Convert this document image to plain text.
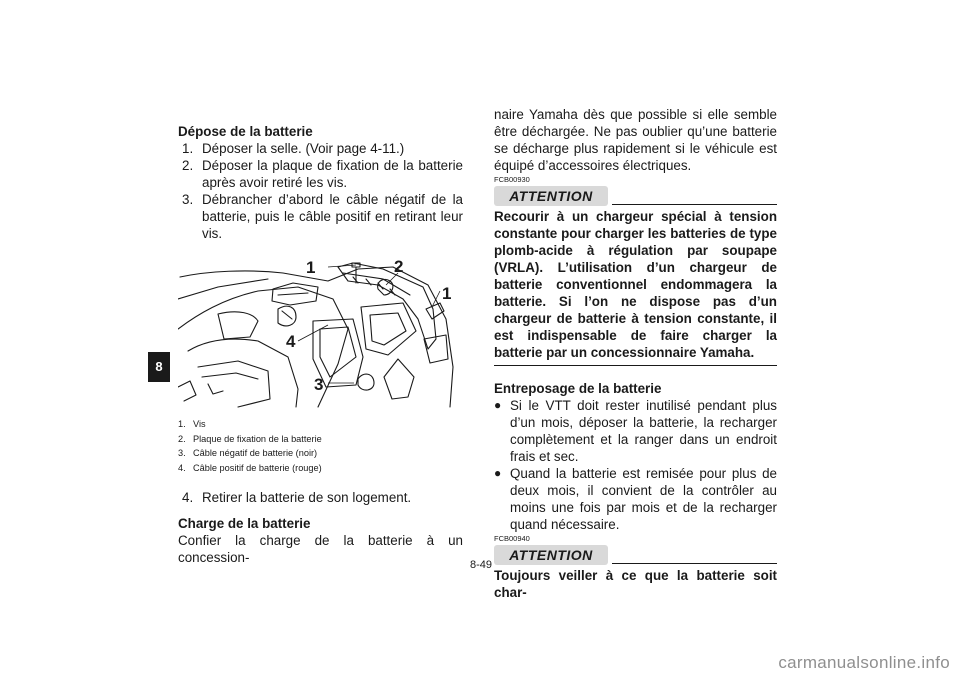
8
Dépose de la batterie
1. Déposer la selle. (Voir page 4-11.)
2. Déposer la plaque de fixation de la batterie après avoir retiré les vis.
3. Débrancher d’abord le câble négatif de la batterie, puis le câble positif en retirant leur vis.
1	2
1
4
3
1. Vis
2. Plaque de fixation de la batterie
3. Câble négatif de batterie (noir)
4. Câble positif de batterie (rouge)
4. Retirer la batterie de son logement.
Charge de la batterie

Confier la charge de la batterie à un concession-

naire Yamaha dès que possible si elle semble être déchargée. Ne pas oublier qu’une batterie se décharge plus rapidement si le véhicule est équipé d’accessoires électriques.

FCB00930
ATTENTION
Recourir à un chargeur spécial à tension constante pour charger les batteries de type plomb-acide à régulation par soupape (VRLA). L’utilisation d’un chargeur de batterie conventionnel endommagera la batterie. Si l’on ne dispose pas d’un chargeur de batterie à tension constante, il est indispensable de faire charger la batterie par un concessionnaire Yamaha.
Entreposage de la batterie
● Si le VTT doit rester inutilisé pendant plus d’un mois, déposer la batterie, la recharger complètement et la ranger dans un endroit frais et sec.
● Quand la batterie est remisée pour plus de deux mois, il convient de la contrôler au moins une fois par mois et de la recharger quand nécessaire.
FCB00940
ATTENTION
Toujours veiller à ce que la batterie soit char-
8-49
carmanualsonline.info
